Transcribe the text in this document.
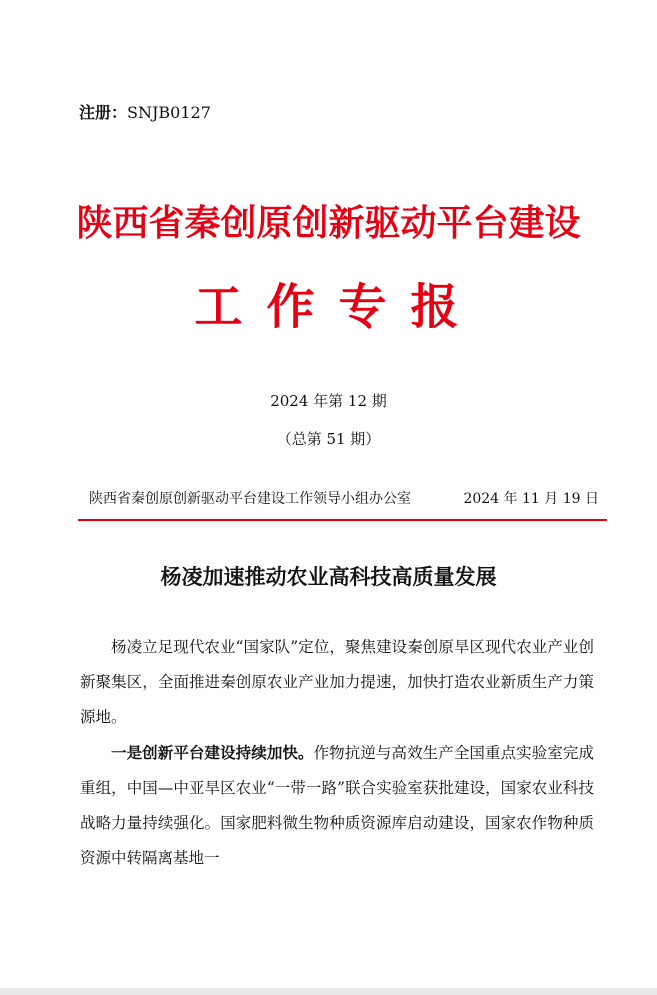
注册：SNJB0127
陕西省秦创原创新驱动平台建设
工作专报
2024 年第 12 期
（总第 51 期）
陕西省秦创原创新驱动平台建设工作领导小组办公室	2024 年 11 月 19 日
杨凌加速推动农业高科技高质量发展

杨凌立足现代农业“国家队”定位，聚焦建设秦创原旱区现代农业产业创新聚集区，全面推进秦创原农业产业加力提速，加快打造农业新质生产力策源地。

一是创新平台建设持续加快。作物抗逆与高效生产全国重点实验室完成重组，中国—中亚旱区农业“一带一路”联合实验室获批建设，国家农业科技战略力量持续强化。国家肥料微生物种质资源库启动建设，国家农作物种质资源中转隔离基地一
